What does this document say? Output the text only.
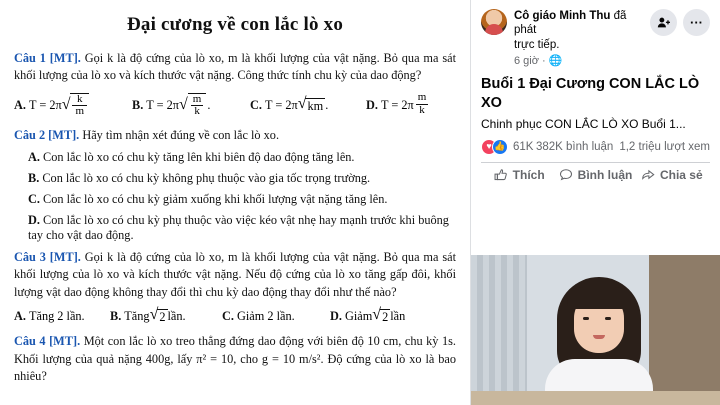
Đại cương về con lắc lò xo
Câu 1 [MT]. Gọi k là độ cứng của lò xo, m là khối lượng của vật nặng. Bỏ qua ma sát khối lượng của lò xo và kích thước vật nặng. Công thức tính chu kỳ của dao động?
A. T = 2π √ $\frac{k}{m}$	B. T = 2π √ $\frac{m}{k}$ .	C. T = 2π √ km .	D. $T = 2\pi \frac{m}{k}$
Câu 2 [MT]. Hãy tìm nhận xét đúng về con lắc lò xo.
A. Con lắc lò xo có chu kỳ tăng lên khi biên độ dao động tăng lên.
B. Con lắc lò xo có chu kỳ không phụ thuộc vào gia tốc trọng trường.
C. Con lắc lò xo có chu kỳ giảm xuống khi khối lượng vật nặng tăng lên.
D. Con lắc lò xo có chu kỳ phụ thuộc vào việc kéo vật nhẹ hay mạnh trước khi buông tay cho vật dao động.
Câu 3 [MT]. Gọi k là độ cứng của lò xo, m là khối lượng của vật nặng. Bỏ qua ma sát khối lượng của lò xo và kích thước vật nặng. Nếu độ cứng của lò xo tăng gấp đôi, khối lượng vật dao động không thay đổi thì chu kỳ dao động thay đổi như thế nào?
A. Tăng 2 lần. B. Tăng √ 2 lần.	C. Giảm 2 lần.	D. Giảm √ 2 lần
Câu 4 [MT]. Một con lắc lò xo treo thẳng đứng dao động với biên độ 10 cm, chu kỳ 1s. Khối lượng của quả nặng 400g, lấy π² = 10, cho g = 10 m/s². Độ cứng của lò xo là bao nhiêu?
Cô giáo Minh Thu đã phát
trực tiếp.
6 giờ · 🌐
···
Buổi 1 Đại Cương CON LẮC LÒ XO
Chinh phục CON LẮC LÒ XO Buổi 1...
♥ 👍 61K 382K bình luận 1,2 triệu lượt xem
Thích	Bình luận Chia sẻ
